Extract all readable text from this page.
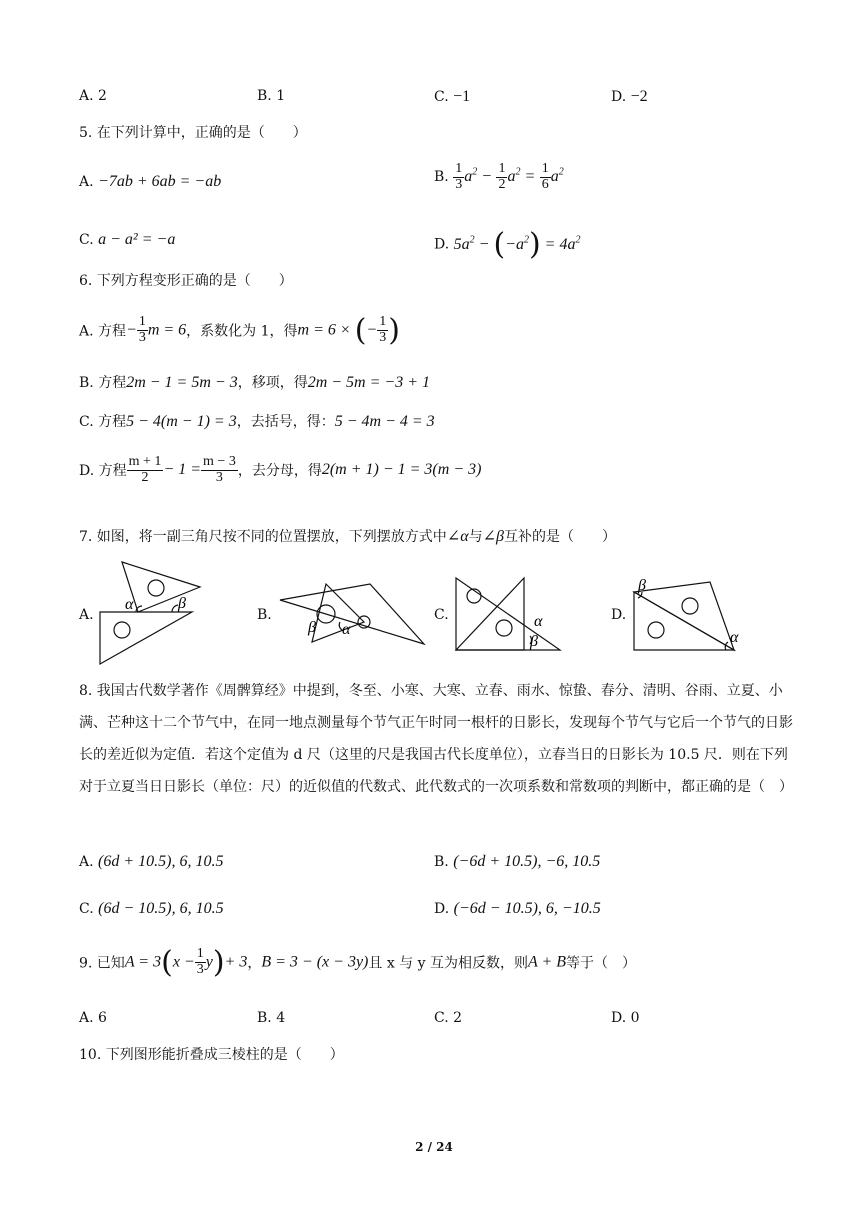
A. 2	B. 1	C. −1	D. −2
5. 在下列计算中，正确的是（　　）
A. −7ab + 6ab = −ab	B. $\frac{1}{3} a^2 - \frac{1}{2} a^2 = \frac{1}{6} a^2$
C. a − a² = −a	D. $5a^2 - (-a^2) = 4a^2$
6. 下列方程变形正确的是（　　）
A. 方程− $\frac{1}{3}$ m = 6，系数化为 1，得m = 6 × (− $\frac{1}{3}$ )
B. 方程2m − 1 = 5m − 3，移项，得2m − 5m = −3 + 1
C. 方程5 − 4(m − 1) = 3，去括号，得：5 − 4m − 4 = 3
D. 方程 $\frac{m + 1}{2} - 1 = \frac{m - 3}{3}$ ，去分母，得2(m + 1) − 1 = 3(m − 3)
7. 如图，将一副三角尺按不同的位置摆放，下列摆放方式中∠α与∠β互补的是（　　）
A.
α	β
B.
β α
C.	α
β
D.
β
α
8. 我国古代数学著作《周髀算经》中提到，冬至、小寒、大寒、立春、雨水、惊蛰、春分、清明、谷雨、立夏、小满、芒种这十二个节气中，在同一地点测量每个节气正午时同一根杆的日影长，发现每个节气与它后一个节气的日影长的差近似为定值．若这个定值为 d 尺（这里的尺是我国古代长度单位），立春当日的日影长为 10.5 尺．则在下列对于立夏当日日影长（单位：尺）的近似值的代数式、此代数式的一次项系数和常数项的判断中，都正确的是（　）
A. (6d + 10.5), 6, 10.5	B. (−6d + 10.5), −6, 10.5
C. (6d − 10.5), 6, 10.5	D. (−6d − 10.5), 6, −10.5
9. 已知$A = 3(x - \frac{1}{3} y)+ 3$，B = 3 − (x − 3y)且 x 与 y 互为相反数，则A + B等于（　）
A. 6	B. 4	C. 2	D. 0
10. 下列图形能折叠成三棱柱的是（　　）
2 / 24
